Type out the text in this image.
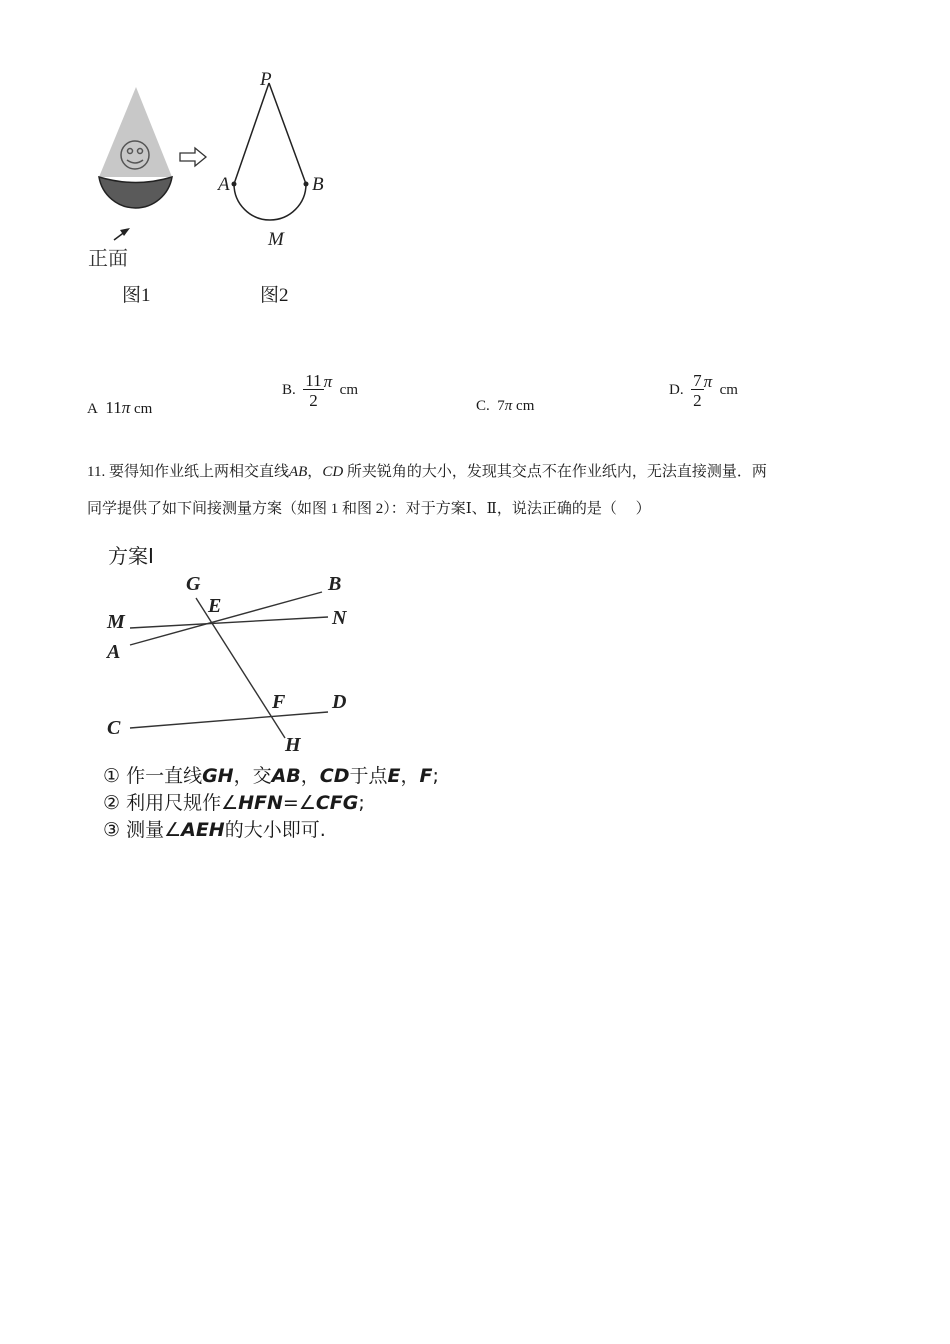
正面
P
A	B
M
图1	图2
A 11π cm
B. $\frac{11}{2}$ π cm
C. 7π cm
D. $\frac{7}{2}$ π cm
11. 要得知作业纸上两相交直线AB，CD 所夹锐角的大小，发现其交点不在作业纸内，无法直接测量．两
同学提供了如下间接测量方案（如图 1 和图 2）：对于方案Ⅰ、Ⅱ，说法正确的是（　 ）
方案Ⅰ
G	B
E
M	N
A
F D
C
H
① 作一直线GH，交AB，CD于点E，F;
② 利用尺规作∠HFN=∠CFG;
③ 测量∠AEH的大小即可.
